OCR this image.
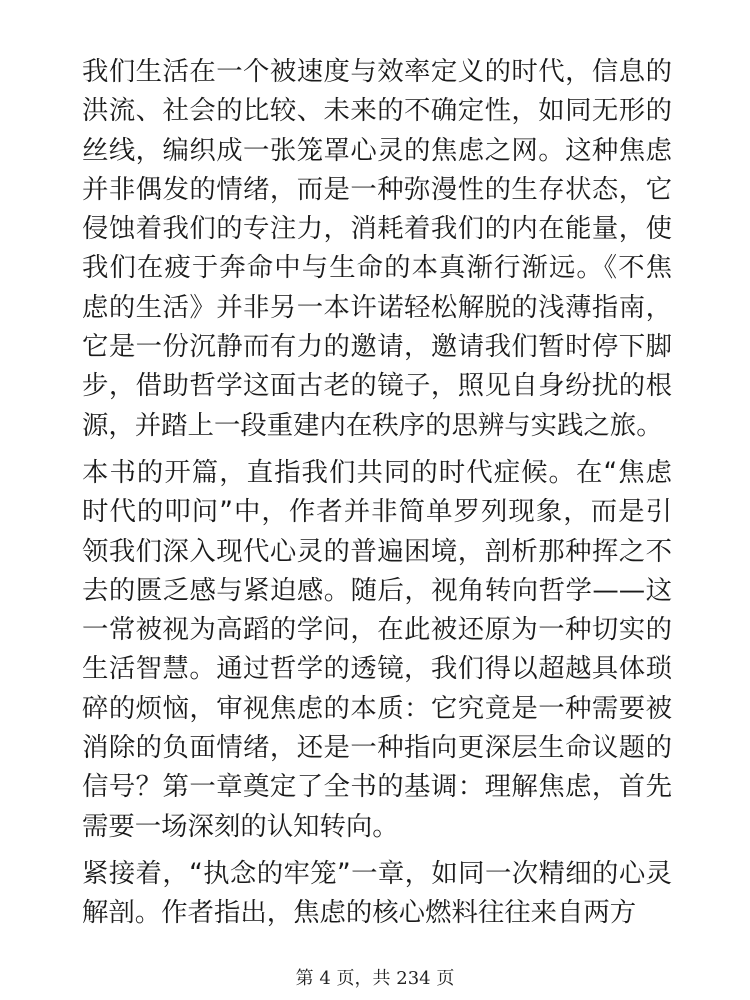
我们生活在一个被速度与效率定义的时代，信息的洪流、社会的比较、未来的不确定性，如同无形的丝线，编织成一张笼罩心灵的焦虑之网。这种焦虑并非偶发的情绪，而是一种弥漫性的生存状态，它侵蚀着我们的专注力，消耗着我们的内在能量，使我们在疲于奔命中与生命的本真渐行渐远。《不焦虑的生活》并非另一本许诺轻松解脱的浅薄指南，它是一份沉静而有力的邀请，邀请我们暂时停下脚步，借助哲学这面古老的镜子，照见自身纷扰的根源，并踏上一段重建内在秩序的思辨与实践之旅。

本书的开篇，直指我们共同的时代症候。在“焦虑时代的叩问”中，作者并非简单罗列现象，而是引领我们深入现代心灵的普遍困境，剖析那种挥之不去的匮乏感与紧迫感。随后，视角转向哲学——这一常被视为高蹈的学问，在此被还原为一种切实的生活智慧。通过哲学的透镜，我们得以超越具体琐碎的烦恼，审视焦虑的本质：它究竟是一种需要被消除的负面情绪，还是一种指向更深层生命议题的信号？第一章奠定了全书的基调：理解焦虑，首先需要一场深刻的认知转向。

紧接着，“执念的牢笼”一章，如同一次精细的心灵解剖。作者指出，焦虑的核心燃料往往来自两方

第 4 页，共 234 页
